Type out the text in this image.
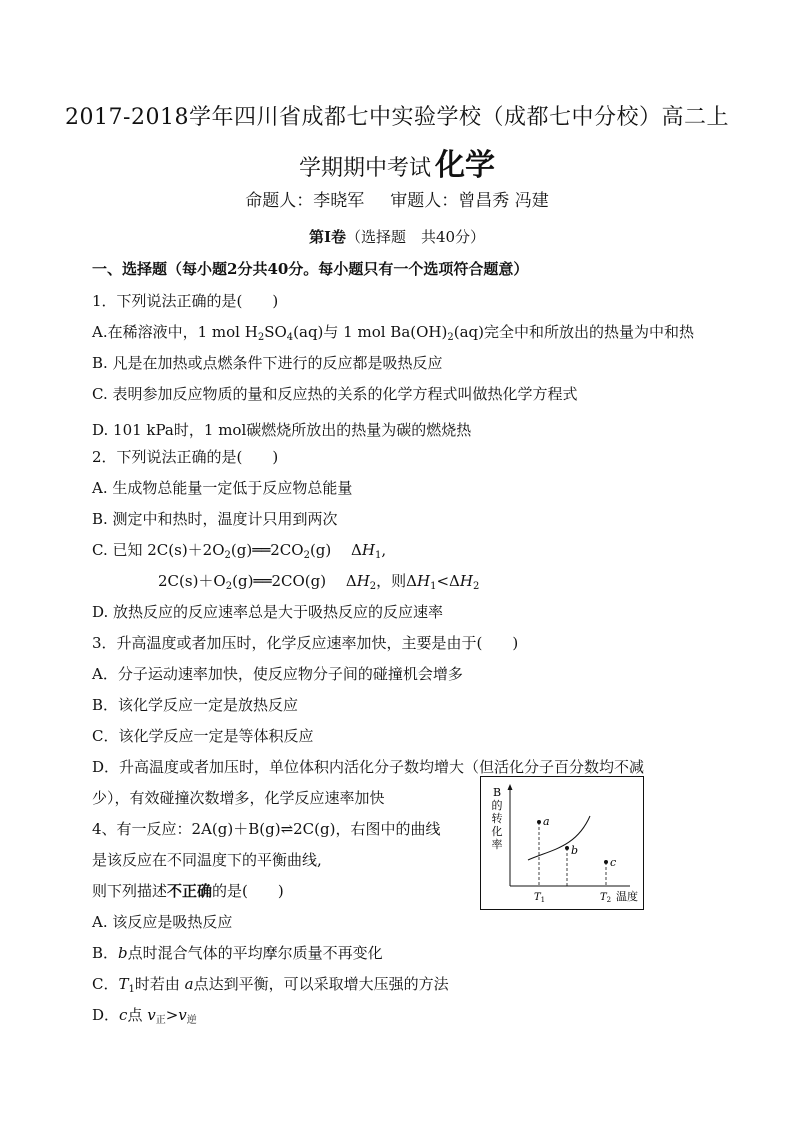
2017-2018学年四川省成都七中实验学校（成都七中分校）高二上
学期期中考试 化学
命题人：李晓军 审题人：曾昌秀 冯建
第Ⅰ卷（选择题　共40分）
一、选择题（每小题2分共40分。每小题只有一个选项符合题意）
1．下列说法正确的是(　　)
A.在稀溶液中，1 mol $H_2SO_4(aq)$与 1 mol $Ba(OH)_2(aq)$完全中和所放出的热量为中和热
B. 凡是在加热或点燃条件下进行的反应都是吸热反应
C. 表明参加反应物质的量和反应热的关系的化学方程式叫做热化学方程式
D. 101 kPa时，1 mol碳燃烧所放出的热量为碳的燃烧热
2．下列说法正确的是(　　)
A. 生成物总能量一定低于反应物总能量
B. 测定中和热时，温度计只用到两次
C. 已知 $2C(s)+2O_2(g)══2CO_2(g)$　 $\Delta H_1$,
$2C(s)+O_2(g)══2CO(g)$　 $\Delta H_2$，则$\Delta H_1<\Delta H_2$
D. 放热反应的反应速率总是大于吸热反应的反应速率
3．升高温度或者加压时，化学反应速率加快，主要是由于(　　)
A．分子运动速率加快，使反应物分子间的碰撞机会增多
B．该化学反应一定是放热反应
C．该化学反应一定是等体积反应
D．升高温度或者加压时，单位体积内活化分子数均增大（但活化分子百分数均不减
少），有效碰撞次数增多，化学反应速率加快
4、有一反应：2A(g)＋B(g)⇌2C(g)，右图中的曲线
是该反应在不同温度下的平衡曲线,
则下列描述不正确的是(　　)
A. 该反应是吸热反应
B．b点时混合气体的平均摩尔质量不再变化
C．$T_1$时若由 a点达到平衡，可以采取增大压强的方法
D．c点 $v_正>v_逆$
B
的
转
化
率
a
b
c
$T_1$	$T_2$ 温度
